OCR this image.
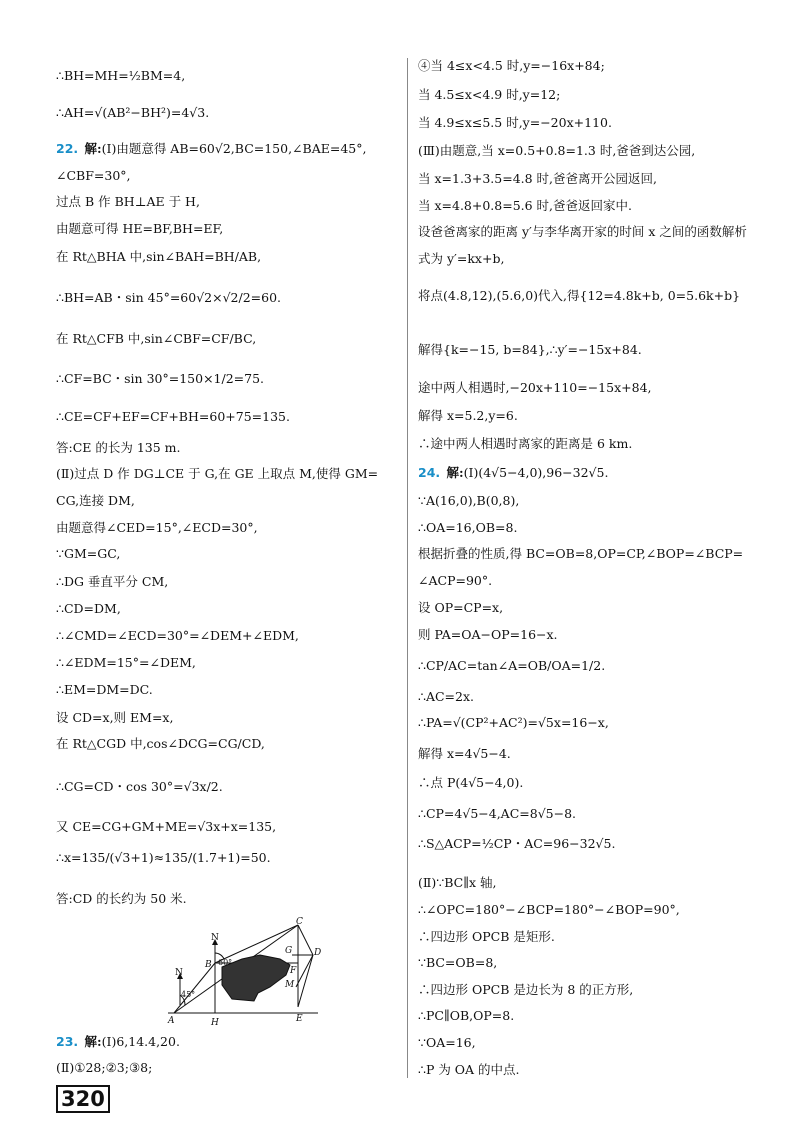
∴BH=MH=½BM=4,
∴AH=√(AB²−BH²)=4√3.
22. 解:(Ⅰ)由题意得 AB=60√2,BC=150,∠BAE=45°,
∠CBF=30°,
过点 B 作 BH⊥AE 于 H,
由题意可得 HE=BF,BH=EF,
在 Rt△BHA 中,sin∠BAH=BH/AB,
∴BH=AB・sin 45°=60√2×√2/2=60.
在 Rt△CFB 中,sin∠CBF=CF/BC,
∴CF=BC・sin 30°=150×1/2=75.
∴CE=CF+EF=CF+BH=60+75=135.
答:CE 的长为 135 m.
(Ⅱ)过点 D 作 DG⊥CE 于 G,在 GE 上取点 M,使得 GM=
CG,连接 DM,
由题意得∠CED=15°,∠ECD=30°,
∵GM=GC,
∴DG 垂直平分 CM,
∴CD=DM,
∴∠CMD=∠ECD=30°=∠DEM+∠EDM,
∴∠EDM=15°=∠DEM,
∴EM=DM=DC.
设 CD=x,则 EM=x,
在 Rt△CGD 中,cos∠DCG=CG/CD,
∴CG=CD・cos 30°=√3x/2.
又 CE=CG+GM+ME=√3x+x=135,
∴x=135/(√3+1)≈135/(1.7+1)=50.
答:CD 的长约为 50 米.
23. 解:(Ⅰ)6,14.4,20.
(Ⅱ)①28;②3;③8;
④当 4≤x<4.5 时,y=−16x+84;
当 4.5≤x<4.9 时,y=12;
当 4.9≤x≤5.5 时,y=−20x+110.
(Ⅲ)由题意,当 x=0.5+0.8=1.3 时,爸爸到达公园,
当 x=1.3+3.5=4.8 时,爸爸离开公园返回,
当 x=4.8+0.8=5.6 时,爸爸返回家中.
设爸爸离家的距离 y′与李华离开家的时间 x 之间的函数解析
式为 y′=kx+b,
将点(4.8,12),(5.6,0)代入,得{12=4.8k+b, 0=5.6k+b}
解得{k=−15, b=84},∴y′=−15x+84.
途中两人相遇时,−20x+110=−15x+84,
解得 x=5.2,y=6.
∴途中两人相遇时离家的距离是 6 km.
24. 解:(Ⅰ)(4√5−4,0),96−32√5.
∵A(16,0),B(0,8),
∴OA=16,OB=8.
根据折叠的性质,得 BC=OB=8,OP=CP,∠BOP=∠BCP=
∠ACP=90°.
设 OP=CP=x,
则 PA=OA−OP=16−x.
∴CP/AC=tan∠A=OB/OA=1/2.
∴AC=2x.
∴PA=√(CP²+AC²)=√5x=16−x,
解得 x=4√5−4.
∴点 P(4√5−4,0).
∴CP=4√5−4,AC=8√5−8.
∴S△ACP=½CP・AC=96−32√5.
(Ⅱ)∵BC∥x 轴,
∴∠OPC=180°−∠BCP=180°−∠BOP=90°,
∴四边形 OPCB 是矩形.
∵BC=OB=8,
∴四边形 OPCB 是边长为 8 的正方形,
∴PC∥OB,OP=8.
∵OA=16,
∴P 为 OA 的中点.
N
N
45°
60°
A
B
C
D
E
F
G
H
M
320
